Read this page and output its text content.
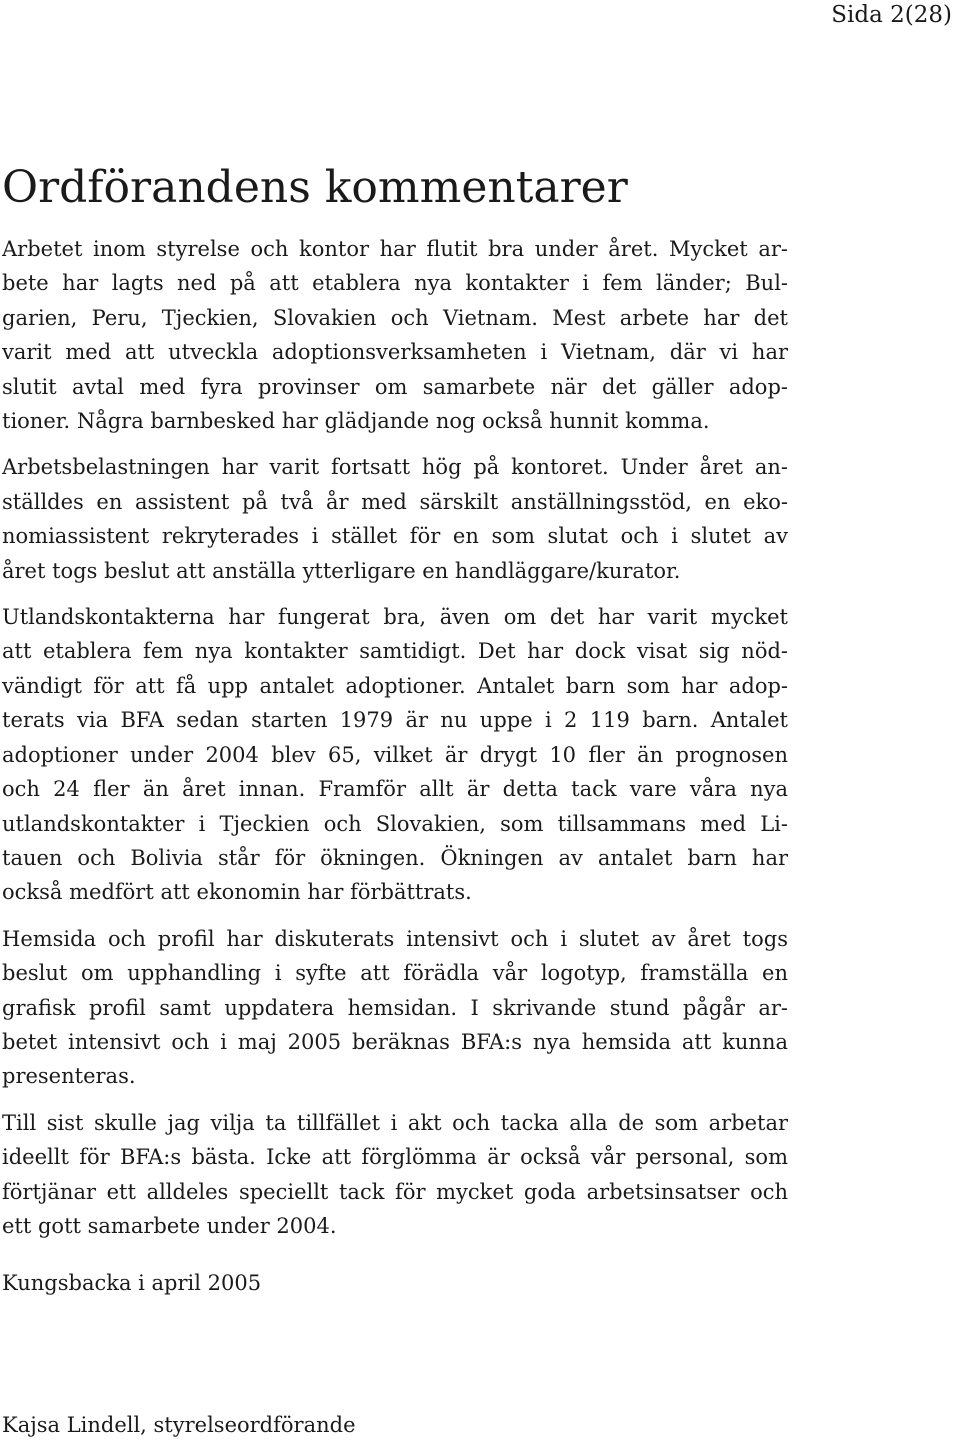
Sida 2(28)
Ordförandens kommentarer
Arbetet inom styrelse och kontor har flutit bra under året. Mycket ar-
bete har lagts ned på att etablera nya kontakter i fem länder; Bul-
garien, Peru, Tjeckien, Slovakien och Vietnam. Mest arbete har det
varit med att utveckla adoptionsverksamheten i Vietnam, där vi har
slutit avtal med fyra provinser om samarbete när det gäller adop-
tioner. Några barnbesked har glädjande nog också hunnit komma.
Arbetsbelastningen har varit fortsatt hög på kontoret. Under året an-
ställdes en assistent på två år med särskilt anställningsstöd, en eko-
nomiassistent rekryterades i stället för en som slutat och i slutet av
året togs beslut att anställa ytterligare en handläggare/kurator.
Utlandskontakterna har fungerat bra, även om det har varit mycket
att etablera fem nya kontakter samtidigt. Det har dock visat sig nöd-
vändigt för att få upp antalet adoptioner. Antalet barn som har adop-
terats via BFA sedan starten 1979 är nu uppe i 2 119 barn. Antalet
adoptioner under 2004 blev 65, vilket är drygt 10 fler än prognosen
och 24 fler än året innan. Framför allt är detta tack vare våra nya
utlandskontakter i Tjeckien och Slovakien, som tillsammans med Li-
tauen och Bolivia står för ökningen. Ökningen av antalet barn har
också medfört att ekonomin har förbättrats.
Hemsida och profil har diskuterats intensivt och i slutet av året togs
beslut om upphandling i syfte att förädla vår logotyp, framställa en
grafisk profil samt uppdatera hemsidan. I skrivande stund pågår ar-
betet intensivt och i maj 2005 beräknas BFA:s nya hemsida att kunna
presenteras.
Till sist skulle jag vilja ta tillfället i akt och tacka alla de som arbetar
ideellt för BFA:s bästa. Icke att förglömma är också vår personal, som
förtjänar ett alldeles speciellt tack för mycket goda arbetsinsatser och
ett gott samarbete under 2004.
Kungsbacka i april 2005
Kajsa Lindell, styrelseordförande
